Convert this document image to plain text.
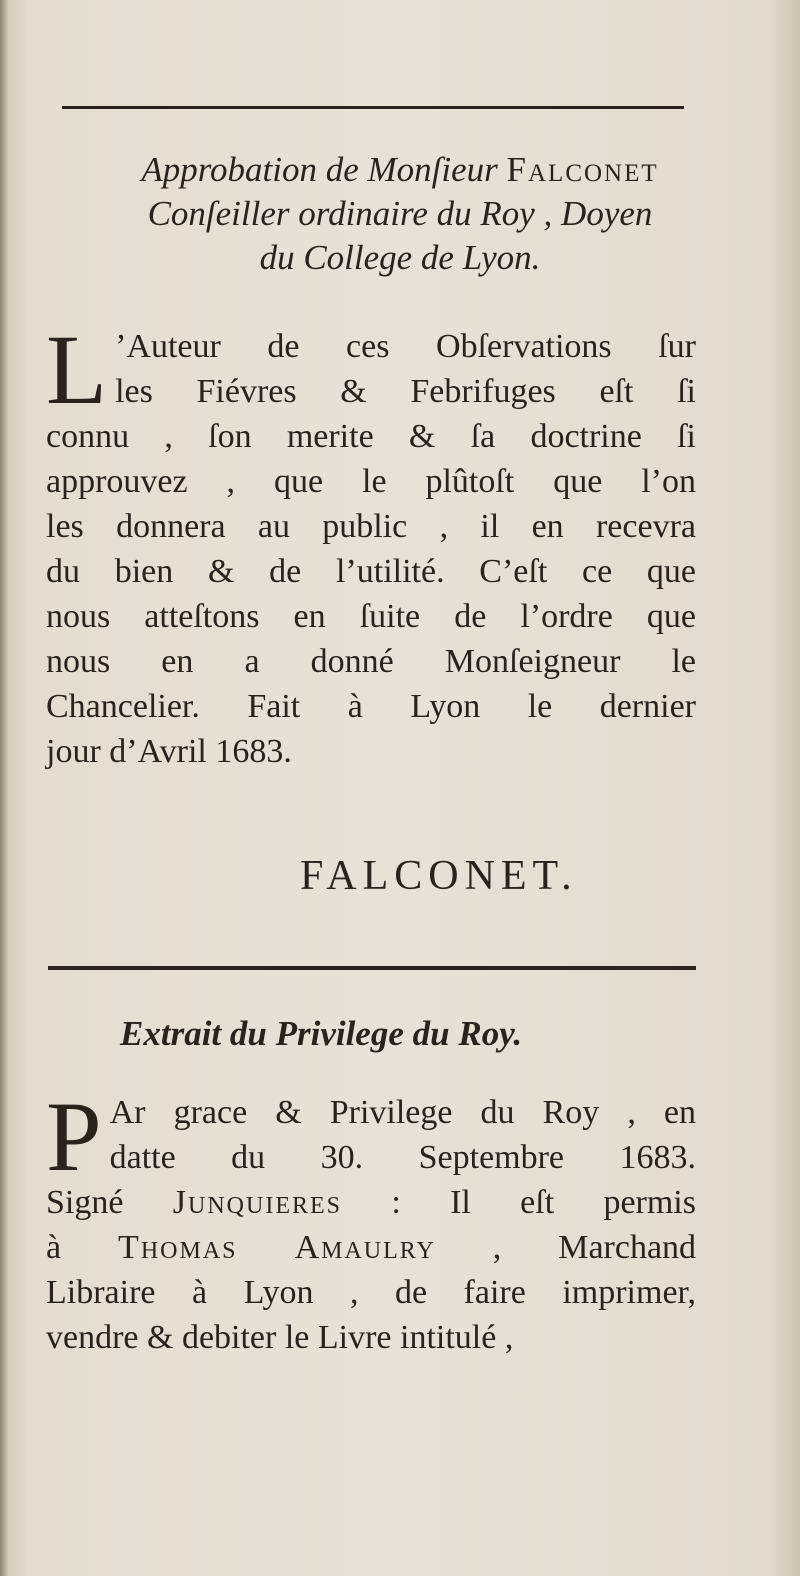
Approbation de Monſieur Falconet
Conſeiller ordinaire du Roy , Doyen
du College de Lyon.
L ’Auteur de ces Obſervations ſur
les Fiévres & Febrifuges eſt ſi
connu , ſon merite & ſa doctrine ſi
approuvez , que le plûtoſt que l’on
les donnera au public , il en recevra
du bien & de l’utilité. C’eſt ce que
nous atteſtons en ſuite de l’ordre que
nous en a donné Monſeigneur le
Chancelier. Fait à Lyon le dernier
jour d’Avril 1683.
FALCONET.
Extrait du Privilege du Roy.
P Ar grace & Privilege du Roy , en
datte du 30. Septembre 1683.
Signé Junquieres : Il eſt permis
à Thomas Amaulry , Marchand
Libraire à Lyon , de faire imprimer,
vendre & debiter le Livre intitulé ,
